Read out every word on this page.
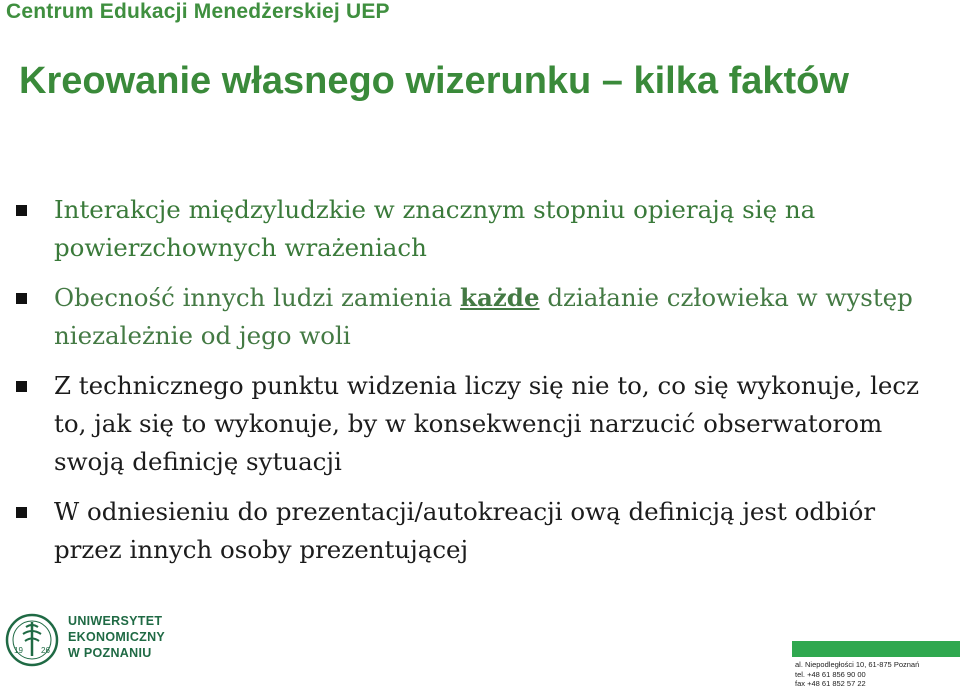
Centrum Edukacji Menedżerskiej UEP
Kreowanie własnego wizerunku – kilka faktów
Interakcje międzyludzkie w znacznym stopniu opierają się na powierzchownych wrażeniach
Obecność innych ludzi zamienia każde działanie człowieka w występ niezależnie od jego woli
Z technicznego punktu widzenia liczy się nie to, co się wykonuje, lecz to, jak się to wykonuje, by w konsekwencji narzucić obserwatorom swoją definicję sytuacji
W odniesieniu do prezentacji/autokreacji ową definicją jest odbiór przez innych osoby prezentującej
19 26
UNIWERSYTET
EKONOMICZNY
W POZNANIU
al. Niepodległości 10, 61-875 Poznań
tel. +48 61 856 90 00
fax +48 61 852 57 22
